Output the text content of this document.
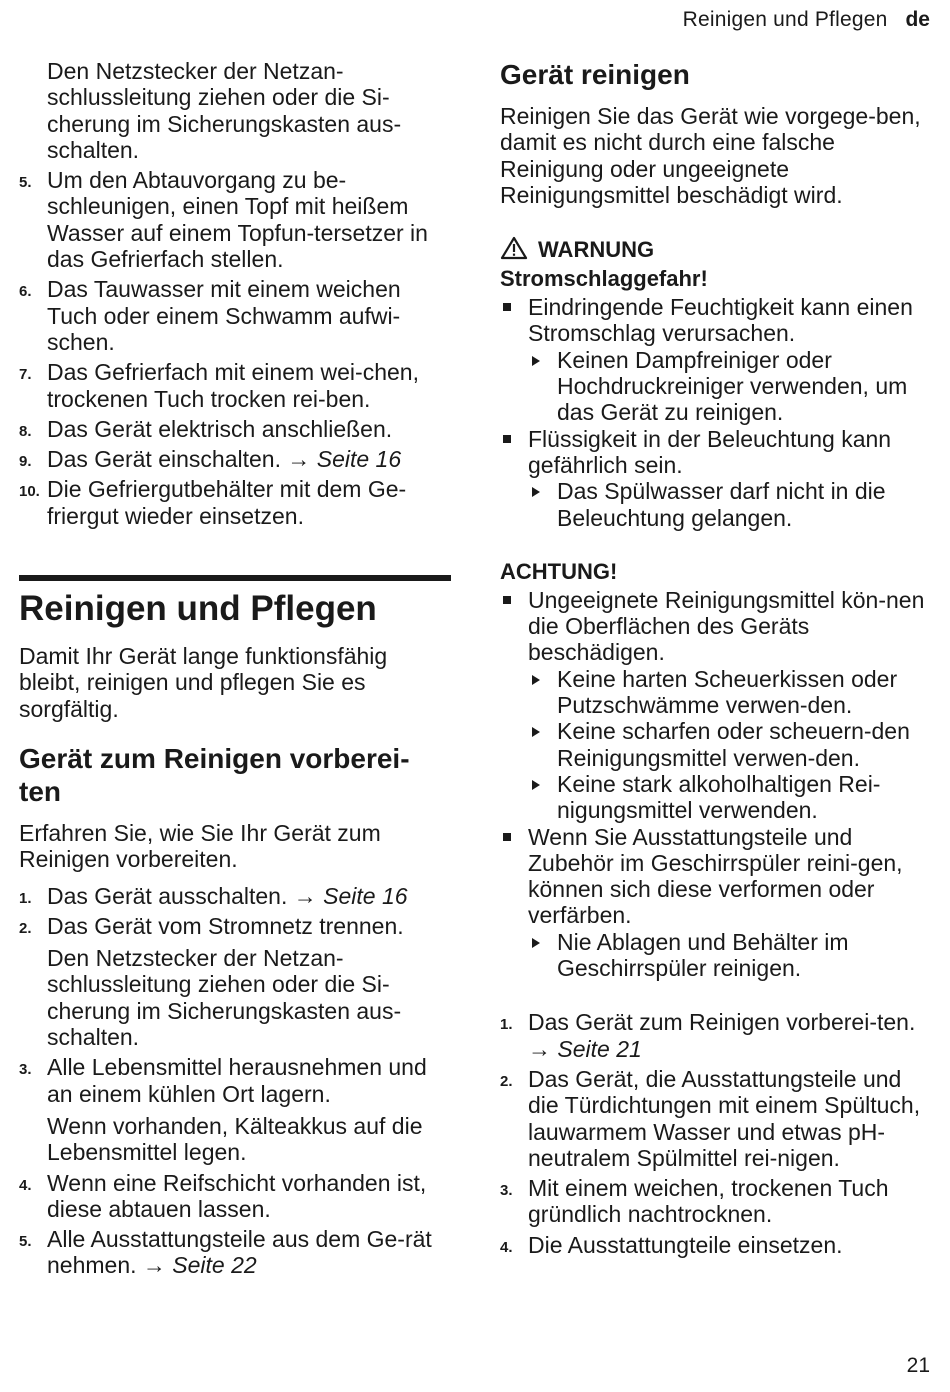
Reinigen und Pflegen de

Den Netzstecker der Netzan-schlussleitung ziehen oder die Si-cherung im Sicherungskasten aus-schalten.

5. Um den Abtauvorgang zu be-schleunigen, einen Topf mit heißem Wasser auf einem Topfun-tersetzer in das Gefrierfach stellen.
6. Das Tauwasser mit einem weichen Tuch oder einem Schwamm aufwi-schen.
7. Das Gefrierfach mit einem wei-chen, trockenen Tuch trocken rei-ben.
8. Das Gerät elektrisch anschließen.
9. Das Gerät einschalten. → Seite 16
10. Die Gefriergutbehälter mit dem Ge-friergut wieder einsetzen.
Reinigen und Pflegen

Damit Ihr Gerät lange funktionsfähig bleibt, reinigen und pflegen Sie es sorgfältig.

Gerät zum Reinigen vorberei-ten

Erfahren Sie, wie Sie Ihr Gerät zum Reinigen vorbereiten.

1. Das Gerät ausschalten. → Seite 16
2. Das Gerät vom Stromnetz trennen.

Den Netzstecker der Netzan-schlussleitung ziehen oder die Si-cherung im Sicherungskasten aus-schalten.

3. Alle Lebensmittel herausnehmen und an einem kühlen Ort lagern.

Wenn vorhanden, Kälteakkus auf die Lebensmittel legen.

4. Wenn eine Reifschicht vorhanden ist, diese abtauen lassen.
5. Alle Ausstattungsteile aus dem Ge-rät nehmen. → Seite 22
Gerät reinigen

Reinigen Sie das Gerät wie vorgege-ben, damit es nicht durch eine falsche Reinigung oder ungeeignete Reinigungsmittel beschädigt wird.

WARNUNG
Stromschlaggefahr!
Eindringende Feuchtigkeit kann einen Stromschlag verursachen.
Keinen Dampfreiniger oder Hochdruckreiniger verwenden, um das Gerät zu reinigen.
Flüssigkeit in der Beleuchtung kann gefährlich sein.
Das Spülwasser darf nicht in die Beleuchtung gelangen.
ACHTUNG!
Ungeeignete Reinigungsmittel kön-nen die Oberflächen des Geräts beschädigen.
Keine harten Scheuerkissen oder Putzschwämme verwen-den.
Keine scharfen oder scheuern-den Reinigungsmittel verwen-den.
Keine stark alkoholhaltigen Rei-nigungsmittel verwenden.
Wenn Sie Ausstattungsteile und Zubehör im Geschirrspüler reini-gen, können sich diese verformen oder verfärben.
Nie Ablagen und Behälter im Geschirrspüler reinigen.
1. Das Gerät zum Reinigen vorberei-ten. → Seite 21
2. Das Gerät, die Ausstattungsteile und die Türdichtungen mit einem Spültuch, lauwarmem Wasser und etwas pH-neutralem Spülmittel rei-nigen.
3. Mit einem weichen, trockenen Tuch gründlich nachtrocknen.
4. Die Ausstattungteile einsetzen.
21
